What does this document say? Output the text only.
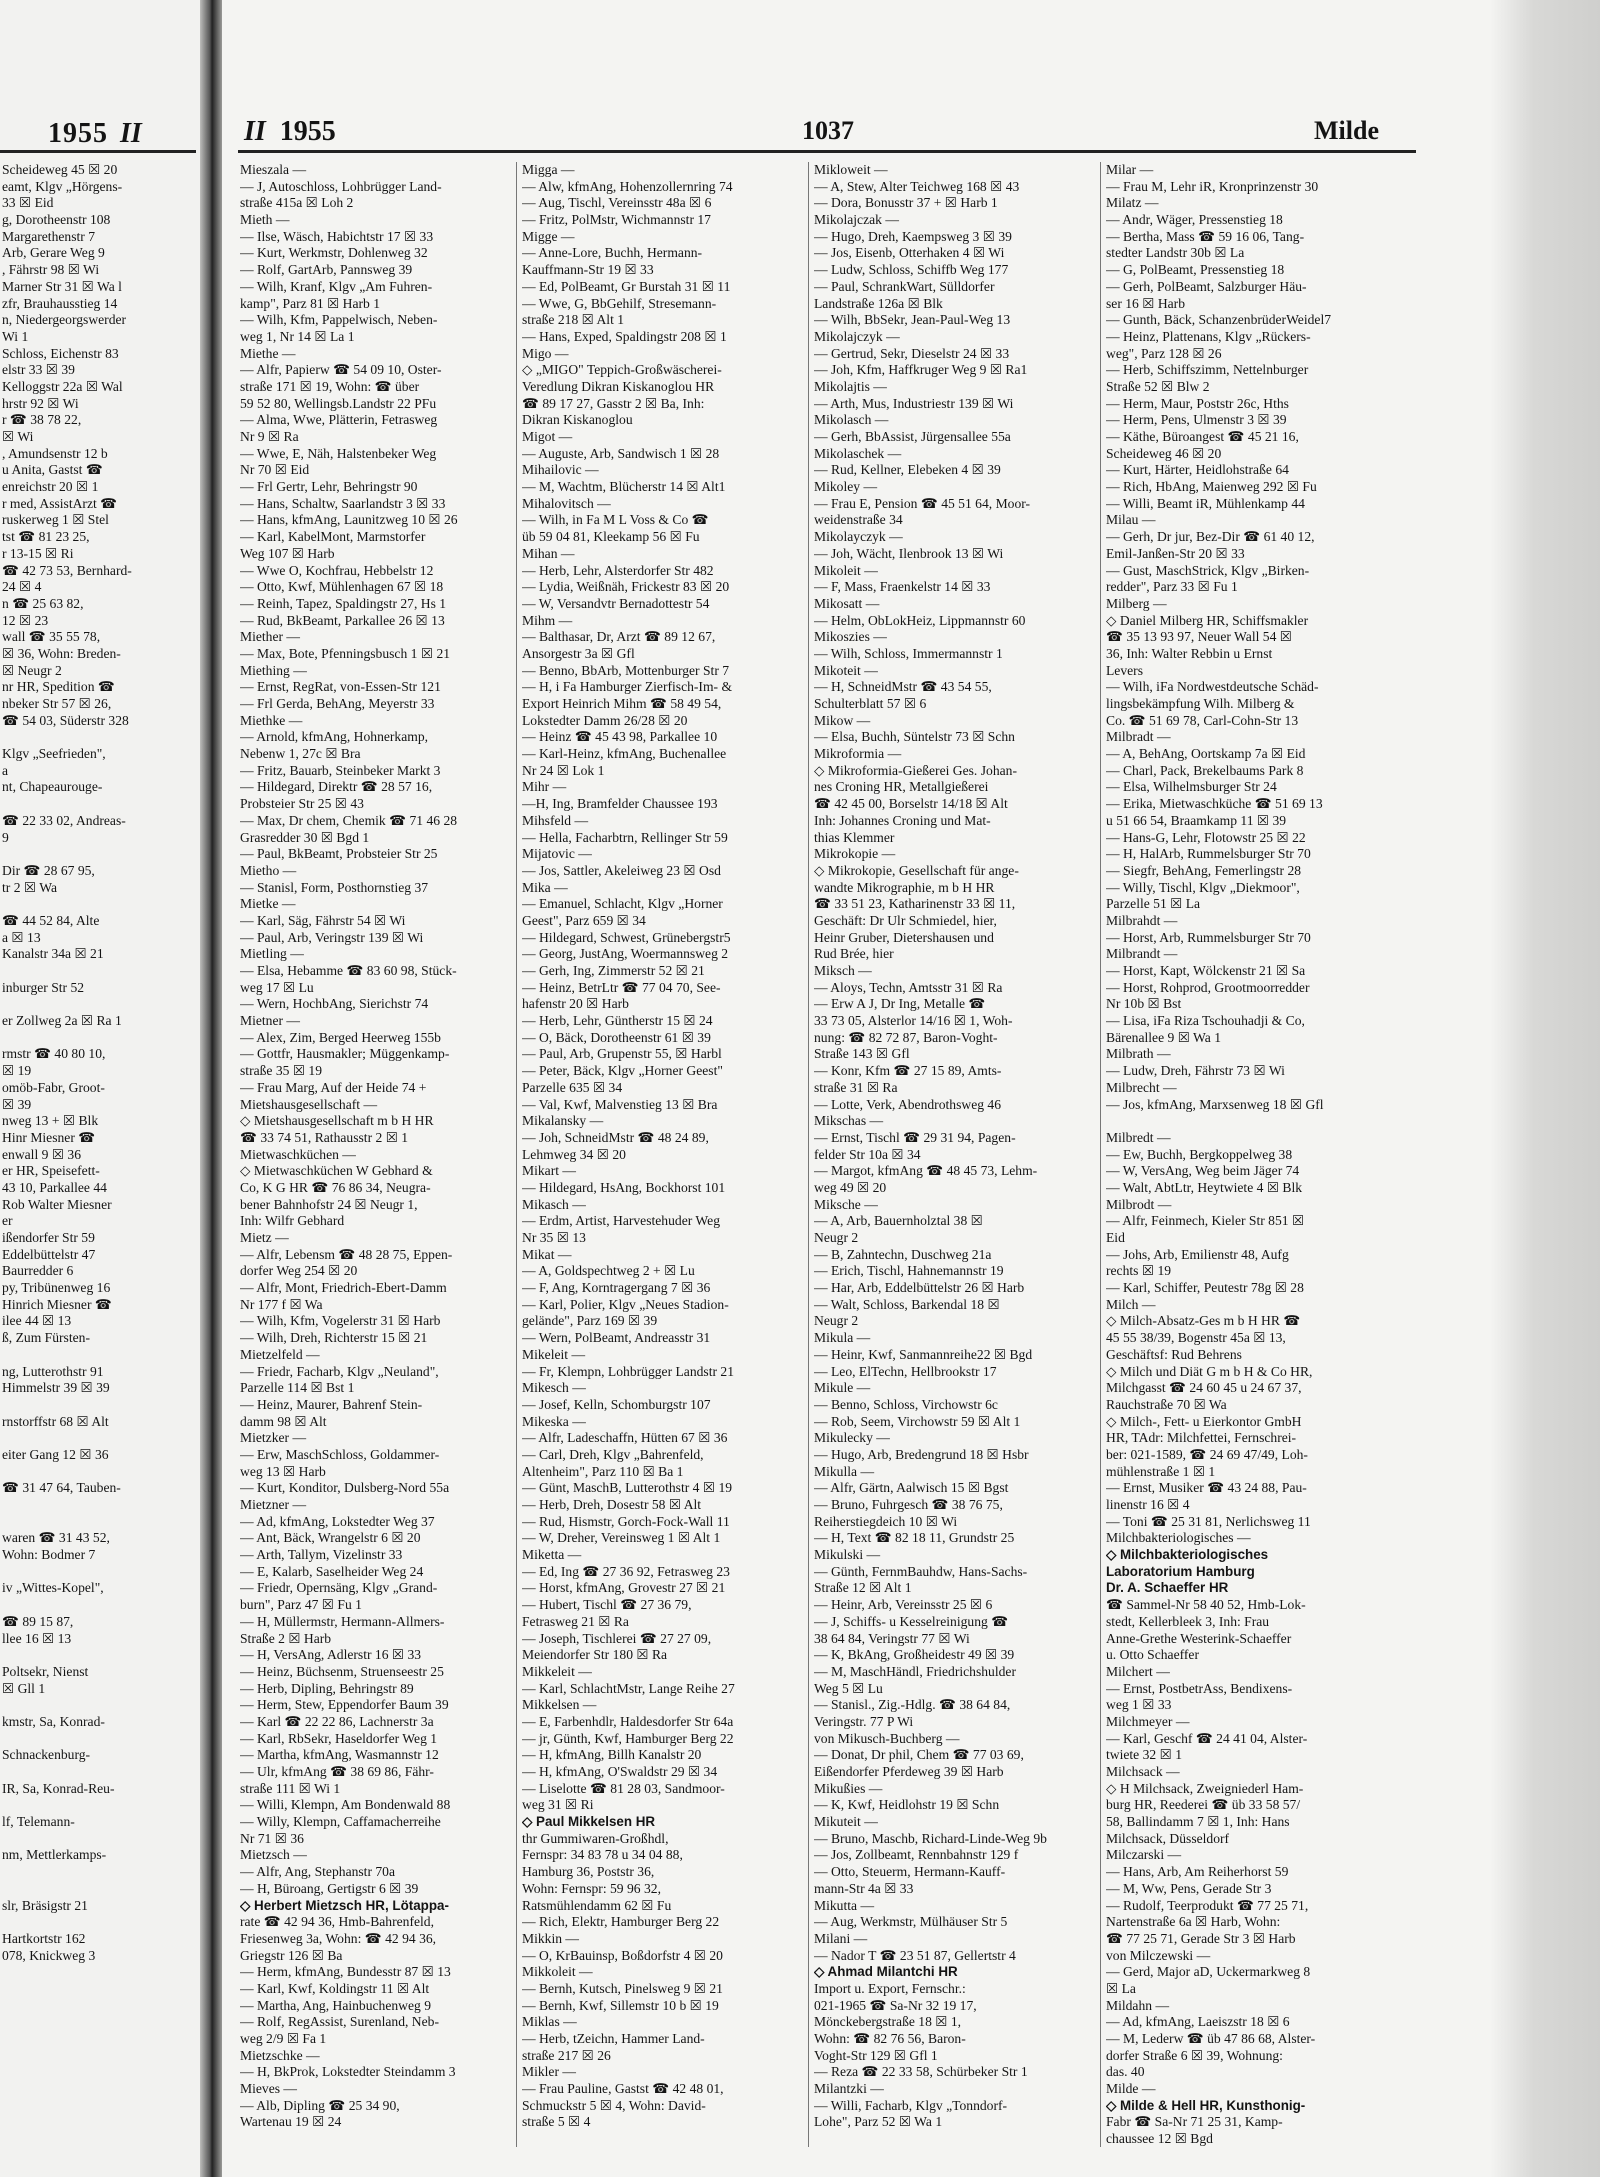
1955 II
Scheideweg 45 ☒ 20
eamt, Klgv „Hörgens-
33 ☒ Eid
g, Dorotheenstr 108
Margarethenstr 7
Arb, Gerare Weg 9
, Fährstr 98 ☒ Wi
Marner Str 31 ☒ Wa l
zfr, Brauhausstieg 14
n, Niedergeorgswerder
Wi 1
Schloss, Eichenstr 83
elstr 33 ☒ 39
Kelloggstr 22a ☒ Wal
hrstr 92 ☒ Wi
r ☎ 38 78 22,
☒ Wi
, Amundsenstr 12 b
u Anita, Gastst ☎
enreichstr 20 ☒ 1
r med, AssistArzt ☎
ruskerweg 1 ☒ Stel
tst ☎ 81 23 25,
r 13-15 ☒ Ri
☎ 42 73 53, Bernhard-
24 ☒ 4
n ☎ 25 63 82,
12 ☒ 23
wall ☎ 35 55 78,
☒ 36, Wohn: Breden-
☒ Neugr 2
nr HR, Spedition ☎
nbeker Str 57 ☒ 26,
☎ 54 03, Süderstr 328
Klgv „Seefrieden",
a
nt, Chapeaurouge-
☎ 22 33 02, Andreas-
9
Dir ☎ 28 67 95,
tr 2 ☒ Wa
☎ 44 52 84, Alte
a ☒ 13
Kanalstr 34a ☒ 21
inburger Str 52
er Zollweg 2a ☒ Ra 1
rmstr ☎ 40 80 10,
☒ 19
omöb-Fabr, Groot-
☒ 39
nweg 13 + ☒ Blk
Hinr Miesner ☎
enwall 9 ☒ 36
er HR, Speisefett-
43 10, Parkallee 44
Rob Walter Miesner
er
ißendorfer Str 59
Eddelbüttelstr 47
Baurredder 6
py, Tribünenweg 16
Hinrich Miesner ☎
ilee 44 ☒ 13
ß, Zum Fürsten-
ng, Lutterothstr 91
Himmelstr 39 ☒ 39
rnstorffstr 68 ☒ Alt
eiter Gang 12 ☒ 36
☎ 31 47 64, Tauben-
waren ☎ 31 43 52,
Wohn: Bodmer 7
iv „Wittes-Kopel",
☎ 89 15 87,
llee 16 ☒ 13
Poltsekr, Nienst
☒ Gll 1
kmstr, Sa, Konrad-
Schnackenburg-
IR, Sa, Konrad-Reu-
lf, Telemann-
nm, Mettlerkamps-
slr, Bräsigstr 21
Hartkortstr 162
078, Knickweg 3
II 1955	1037	Milde
Mieszala —
— J, Autoschloss, Lohbrügger Land-
straße 415a ☒ Loh 2
Mieth —
— Ilse, Wäsch, Habichtstr 17 ☒ 33
— Kurt, Werkmstr, Dohlenweg 32
— Rolf, GartArb, Pannsweg 39
— Wilh, Kranf, Klgv „Am Fuhren-
kamp", Parz 81 ☒ Harb 1
— Wilh, Kfm, Pappelwisch, Neben-
weg 1, Nr 14 ☒ La 1
Miethe —
— Alfr, Papierw ☎ 54 09 10, Oster-
straße 171 ☒ 19, Wohn: ☎ über
59 52 80, Wellingsb.Landstr 22 PFu
— Alma, Wwe, Plätterin, Fetrasweg
Nr 9 ☒ Ra
— Wwe, E, Näh, Halstenbeker Weg
Nr 70 ☒ Eid
— Frl Gertr, Lehr, Behringstr 90
— Hans, Schaltw, Saarlandstr 3 ☒ 33
— Hans, kfmAng, Launitzweg 10 ☒ 26
— Karl, KabelMont, Marmstorfer
Weg 107 ☒ Harb
— Wwe O, Kochfrau, Hebbelstr 12
— Otto, Kwf, Mühlenhagen 67 ☒ 18
— Reinh, Tapez, Spaldingstr 27, Hs 1
— Rud, BkBeamt, Parkallee 26 ☒ 13
Miether —
— Max, Bote, Pfenningsbusch 1 ☒ 21
Miething —
— Ernst, RegRat, von-Essen-Str 121
— Frl Gerda, BehAng, Meyerstr 33
Miethke —
— Arnold, kfmAng, Hohnerkamp,
Nebenw 1, 27c ☒ Bra
— Fritz, Bauarb, Steinbeker Markt 3
— Hildegard, Direktr ☎ 28 57 16,
Probsteier Str 25 ☒ 43
— Max, Dr chem, Chemik ☎ 71 46 28
Grasredder 30 ☒ Bgd 1
— Paul, BkBeamt, Probsteier Str 25
Mietho —
— Stanisl, Form, Posthornstieg 37
Mietke —
— Karl, Säg, Fährstr 54 ☒ Wi
— Paul, Arb, Veringstr 139 ☒ Wi
Mietling —
— Elsa, Hebamme ☎ 83 60 98, Stück-
weg 17 ☒ Lu
— Wern, HochbAng, Sierichstr 74
Mietner —
— Alex, Zim, Berged Heerweg 155b
— Gottfr, Hausmakler; Müggenkamp-
straße 35 ☒ 19
— Frau Marg, Auf der Heide 74 +
Mietshausgesellschaft —
◇ Mietshausgesellschaft m b H HR
☎ 33 74 51, Rathausstr 2 ☒ 1
Mietwaschküchen —
◇ Mietwaschküchen W Gebhard &
Co, K G HR ☎ 76 86 34, Neugra-
bener Bahnhofstr 24 ☒ Neugr 1,
Inh: Wilfr Gebhard
Mietz —
— Alfr, Lebensm ☎ 48 28 75, Eppen-
dorfer Weg 254 ☒ 20
— Alfr, Mont, Friedrich-Ebert-Damm
Nr 177 f ☒ Wa
— Wilh, Kfm, Vogelerstr 31 ☒ Harb
— Wilh, Dreh, Richterstr 15 ☒ 21
Mietzelfeld —
— Friedr, Facharb, Klgv „Neuland",
Parzelle 114 ☒ Bst 1
— Heinz, Maurer, Bahrenf Stein-
damm 98 ☒ Alt
Mietzker —
— Erw, MaschSchloss, Goldammer-
weg 13 ☒ Harb
— Kurt, Konditor, Dulsberg-Nord 55a
Mietzner —
— Ad, kfmAng, Lokstedter Weg 37
— Ant, Bäck, Wrangelstr 6 ☒ 20
— Arth, Tallym, Vizelinstr 33
— E, Kalarb, Saselheider Weg 24
— Friedr, Opernsäng, Klgv „Grand-
burn", Parz 47 ☒ Fu 1
— H, Müllermstr, Hermann-Allmers-
Straße 2 ☒ Harb
— H, VersAng, Adlerstr 16 ☒ 33
— Heinz, Büchsenm, Struenseestr 25
— Herb, Dipling, Behringstr 89
— Herm, Stew, Eppendorfer Baum 39
— Karl ☎ 22 22 86, Lachnerstr 3a
— Karl, RbSekr, Haseldorfer Weg 1
— Martha, kfmAng, Wasmannstr 12
— Ulr, kfmAng ☎ 38 69 86, Fähr-
straße 111 ☒ Wi 1
— Willi, Klempn, Am Bondenwald 88
— Willy, Klempn, Caffamacherreihe
Nr 71 ☒ 36
Mietzsch —
— Alfr, Ang, Stephanstr 70a
— H, Büroang, Gertigstr 6 ☒ 39
◇ Herbert Mietzsch HR, Lötappa-
rate ☎ 42 94 36, Hmb-Bahrenfeld,
Friesenweg 3a, Wohn: ☎ 42 94 36,
Griegstr 126 ☒ Ba
— Herm, kfmAng, Bundesstr 87 ☒ 13
— Karl, Kwf, Koldingstr 11 ☒ Alt
— Martha, Ang, Hainbuchenweg 9
— Rolf, RegAssist, Surenland, Neb-
weg 2/9 ☒ Fa 1
Mietzschke —
— H, BkProk, Lokstedter Steindamm 3
Mieves —
— Alb, Dipling ☎ 25 34 90,
Wartenau 19 ☒ 24
Migga —
— Alw, kfmAng, Hohenzollernring 74
— Aug, Tischl, Vereinsstr 48a ☒ 6
— Fritz, PolMstr, Wichmannstr 17
Migge —
— Anne-Lore, Buchh, Hermann-
Kauffmann-Str 19 ☒ 33
— Ed, PolBeamt, Gr Burstah 31 ☒ 11
— Wwe, G, BbGehilf, Stresemann-
straße 218 ☒ Alt 1
— Hans, Exped, Spaldingstr 208 ☒ 1
Migo —
◇ „MIGO" Teppich-Großwäscherei-
Veredlung Dikran Kiskanoglou HR
☎ 89 17 27, Gasstr 2 ☒ Ba, Inh:
Dikran Kiskanoglou
Migot —
— Auguste, Arb, Sandwisch 1 ☒ 28
Mihailovic —
— M, Wachtm, Blücherstr 14 ☒ Alt1
Mihalovitsch —
— Wilh, in Fa M L Voss & Co ☎
üb 59 04 81, Kleekamp 56 ☒ Fu
Mihan —
— Herb, Lehr, Alsterdorfer Str 482
— Lydia, Weißnäh, Frickestr 83 ☒ 20
— W, Versandvtr Bernadottestr 54
Mihm —
— Balthasar, Dr, Arzt ☎ 89 12 67,
Ansorgestr 3a ☒ Gfl
— Benno, BbArb, Mottenburger Str 7
— H, i Fa Hamburger Zierfisch-Im- &
Export Heinrich Mihm ☎ 58 49 54,
Lokstedter Damm 26/28 ☒ 20
— Heinz ☎ 45 43 98, Parkallee 10
— Karl-Heinz, kfmAng, Buchenallee
Nr 24 ☒ Lok 1
Mihr —
—H, Ing, Bramfelder Chaussee 193
Mihsfeld —
— Hella, Facharbtrn, Rellinger Str 59
Mijatovic —
— Jos, Sattler, Akeleiweg 23 ☒ Osd
Mika —
— Emanuel, Schlacht, Klgv „Horner
Geest", Parz 659 ☒ 34
— Hildegard, Schwest, Grünebergstr5
— Georg, JustAng, Woermannsweg 2
— Gerh, Ing, Zimmerstr 52 ☒ 21
— Heinz, BetrLtr ☎ 77 04 70, See-
hafenstr 20 ☒ Harb
— Herb, Lehr, Güntherstr 15 ☒ 24
— O, Bäck, Dorotheenstr 61 ☒ 39
— Paul, Arb, Grupenstr 55, ☒ Harbl
— Peter, Bäck, Klgv „Horner Geest"
Parzelle 635 ☒ 34
— Val, Kwf, Malvenstieg 13 ☒ Bra
Mikalansky —
— Joh, SchneidMstr ☎ 48 24 89,
Lehmweg 34 ☒ 20
Mikart —
— Hildegard, HsAng, Bockhorst 101
Mikasch —
— Erdm, Artist, Harvestehuder Weg
Nr 35 ☒ 13
Mikat —
— A, Goldspechtweg 2 + ☒ Lu
— F, Ang, Korntragergang 7 ☒ 36
— Karl, Polier, Klgv „Neues Stadion-
gelände", Parz 169 ☒ 39
— Wern, PolBeamt, Andreasstr 31
Mikeleit —
— Fr, Klempn, Lohbrügger Landstr 21
Mikesch —
— Josef, Kelln, Schomburgstr 107
Mikeska —
— Alfr, Ladeschaffn, Hütten 67 ☒ 36
— Carl, Dreh, Klgv „Bahrenfeld,
Altenheim", Parz 110 ☒ Ba 1
— Günt, MaschB, Lutterothstr 4 ☒ 19
— Herb, Dreh, Dosestr 58 ☒ Alt
— Rud, Hismstr, Gorch-Fock-Wall 11
— W, Dreher, Vereinsweg 1 ☒ Alt 1
Miketta —
— Ed, Ing ☎ 27 36 92, Fetrasweg 23
— Horst, kfmAng, Grovestr 27 ☒ 21
— Hubert, Tischl ☎ 27 36 79,
Fetrasweg 21 ☒ Ra
— Joseph, Tischlerei ☎ 27 27 09,
Meiendorfer Str 180 ☒ Ra
Mikkeleit —
— Karl, SchlachtMstr, Lange Reihe 27
Mikkelsen —
— E, Farbenhdlr, Haldesdorfer Str 64a
— jr, Günth, Kwf, Hamburger Berg 22
— H, kfmAng, Billh Kanalstr 20
— H, kfmAng, O'Swaldstr 29 ☒ 34
— Liselotte ☎ 81 28 03, Sandmoor-
weg 31 ☒ Ri
◇ Paul Mikkelsen HR
thr Gummiwaren-Großhdl,
Fernspr: 34 83 78 u 34 04 88,
Hamburg 36, Poststr 36,
Wohn: Fernspr: 59 96 32,
Ratsmühlendamm 62 ☒ Fu
— Rich, Elektr, Hamburger Berg 22
Mikkin —
— O, KrBauinsp, Boßdorfstr 4 ☒ 20
Mikkoleit —
— Bernh, Kutsch, Pinelsweg 9 ☒ 21
— Bernh, Kwf, Sillemstr 10 b ☒ 19
Miklas —
— Herb, tZeichn, Hammer Land-
straße 217 ☒ 26
Mikler —
— Frau Pauline, Gastst ☎ 42 48 01,
Schmuckstr 5 ☒ 4, Wohn: David-
straße 5 ☒ 4
Mikloweit —
— A, Stew, Alter Teichweg 168 ☒ 43
— Dora, Bonusstr 37 + ☒ Harb 1
Mikolajczak —
— Hugo, Dreh, Kaempsweg 3 ☒ 39
— Jos, Eisenb, Otterhaken 4 ☒ Wi
— Ludw, Schloss, Schiffb Weg 177
— Paul, SchrankWart, Sülldorfer
Landstraße 126a ☒ Blk
— Wilh, BbSekr, Jean-Paul-Weg 13
Mikolajczyk —
— Gertrud, Sekr, Dieselstr 24 ☒ 33
— Joh, Kfm, Haffkruger Weg 9 ☒ Ra1
Mikolajtis —
— Arth, Mus, Industriestr 139 ☒ Wi
Mikolasch —
— Gerh, BbAssist, Jürgensallee 55a
Mikolaschek —
— Rud, Kellner, Elebeken 4 ☒ 39
Mikoley —
— Frau E, Pension ☎ 45 51 64, Moor-
weidenstraße 34
Mikolayczyk —
— Joh, Wächt, Ilenbrook 13 ☒ Wi
Mikoleit —
— F, Mass, Fraenkelstr 14 ☒ 33
Mikosatt —
— Helm, ObLokHeiz, Lippmannstr 60
Mikoszies —
— Wilh, Schloss, Immermannstr 1
Mikoteit —
— H, SchneidMstr ☎ 43 54 55,
Schulterblatt 57 ☒ 6
Mikow —
— Elsa, Buchh, Süntelstr 73 ☒ Schn
Mikroformia —
◇ Mikroformia-Gießerei Ges. Johan-
nes Croning HR, Metallgießerei
☎ 42 45 00, Borselstr 14/18 ☒ Alt
Inh: Johannes Croning und Mat-
thias Klemmer
Mikrokopie —
◇ Mikrokopie, Gesellschaft für ange-
wandte Mikrographie, m b H HR
☎ 33 51 23, Katharinenstr 33 ☒ 11,
Geschäft: Dr Ulr Schmiedel, hier,
Heinr Gruber, Dietershausen und
Rud Brée, hier
Miksch —
— Aloys, Techn, Amtsstr 31 ☒ Ra
— Erw A J, Dr Ing, Metalle ☎
33 73 05, Alsterlor 14/16 ☒ 1, Woh-
nung: ☎ 82 72 87, Baron-Voght-
Straße 143 ☒ Gfl
— Konr, Kfm ☎ 27 15 89, Amts-
straße 31 ☒ Ra
— Lotte, Verk, Abendrothsweg 46
Mikschas —
— Ernst, Tischl ☎ 29 31 94, Pagen-
felder Str 10a ☒ 34
— Margot, kfmAng ☎ 48 45 73, Lehm-
weg 49 ☒ 20
Miksche —
— A, Arb, Bauernholztal 38 ☒
Neugr 2
— B, Zahntechn, Duschweg 21a
— Erich, Tischl, Hahnemannstr 19
— Har, Arb, Eddelbüttelstr 26 ☒ Harb
— Walt, Schloss, Barkendal 18 ☒
Neugr 2
Mikula —
— Heinr, Kwf, Sanmannreihe22 ☒ Bgd
— Leo, ElTechn, Hellbrookstr 17
Mikule —
— Benno, Schloss, Virchowstr 6c
— Rob, Seem, Virchowstr 59 ☒ Alt 1
Mikulecky —
— Hugo, Arb, Bredengrund 18 ☒ Hsbr
Mikulla —
— Alfr, Gärtn, Aalwisch 15 ☒ Bgst
— Bruno, Fuhrgesch ☎ 38 76 75,
Reiherstiegdeich 10 ☒ Wi
— H, Text ☎ 82 18 11, Grundstr 25
Mikulski —
— Günth, FernmBauhdw, Hans-Sachs-
Straße 12 ☒ Alt 1
— Heinr, Arb, Vereinsstr 25 ☒ 6
— J, Schiffs- u Kesselreinigung ☎
38 64 84, Veringstr 77 ☒ Wi
— K, BkAng, Großheidestr 49 ☒ 39
— M, MaschHändl, Friedrichshulder
Weg 5 ☒ Lu
— Stanisl., Zig.-Hdlg. ☎ 38 64 84,
Veringstr. 77 P Wi
von Mikusch-Buchberg —
— Donat, Dr phil, Chem ☎ 77 03 69,
Eißendorfer Pferdeweg 39 ☒ Harb
Mikußies —
— K, Kwf, Heidlohstr 19 ☒ Schn
Mikuteit —
— Bruno, Maschb, Richard-Linde-Weg 9b
— Jos, Zollbeamt, Rennbahnstr 129 f
— Otto, Steuerm, Hermann-Kauff-
mann-Str 4a ☒ 33
Mikutta —
— Aug, Werkmstr, Mülhäuser Str 5
Milani —
— Nador T ☎ 23 51 87, Gellertstr 4
◇ Ahmad Milantchi HR
Import u. Export, Fernschr.:
021-1965 ☎ Sa-Nr 32 19 17,
Mönckebergstraße 18 ☒ 1,
Wohn: ☎ 82 76 56, Baron-
Voght-Str 129 ☒ Gfl 1
— Reza ☎ 22 33 58, Schürbeker Str 1
Milantzki —
— Willi, Facharb, Klgv „Tonndorf-
Lohe", Parz 52 ☒ Wa 1
Milar —
— Frau M, Lehr iR, Kronprinzenstr 30
Milatz —
— Andr, Wäger, Pressenstieg 18
— Bertha, Mass ☎ 59 16 06, Tang-
stedter Landstr 30b ☒ La
— G, PolBeamt, Pressenstieg 18
— Gerh, PolBeamt, Salzburger Häu-
ser 16 ☒ Harb
— Gunth, Bäck, SchanzenbrüderWeidel7
— Heinz, Plattenans, Klgv „Rückers-
weg", Parz 128 ☒ 26
— Herb, Schiffszimm, Nettelnburger
Straße 52 ☒ Blw 2
— Herm, Maur, Poststr 26c, Hths
— Herm, Pens, Ulmenstr 3 ☒ 39
— Käthe, Büroangest ☎ 45 21 16,
Scheideweg 46 ☒ 20
— Kurt, Härter, Heidlohstraße 64
— Rich, HbAng, Maienweg 292 ☒ Fu
— Willi, Beamt iR, Mühlenkamp 44
Milau —
— Gerh, Dr jur, Bez-Dir ☎ 61 40 12,
Emil-Janßen-Str 20 ☒ 33
— Gust, MaschStrick, Klgv „Birken-
redder", Parz 33 ☒ Fu 1
Milberg —
◇ Daniel Milberg HR, Schiffsmakler
☎ 35 13 93 97, Neuer Wall 54 ☒
36, Inh: Walter Rebbin u Ernst
Levers
— Wilh, iFa Nordwestdeutsche Schäd-
lingsbekämpfung Wilh. Milberg &
Co. ☎ 51 69 78, Carl-Cohn-Str 13
Milbradt —
— A, BehAng, Oortskamp 7a ☒ Eid
— Charl, Pack, Brekelbaums Park 8
— Elsa, Wilhelmsburger Str 24
— Erika, Mietwaschküche ☎ 51 69 13
u 51 66 54, Braamkamp 11 ☒ 39
— Hans-G, Lehr, Flotowstr 25 ☒ 22
— H, HalArb, Rummelsburger Str 70
— Siegfr, BehAng, Femerlingstr 28
— Willy, Tischl, Klgv „Diekmoor",
Parzelle 51 ☒ La
Milbrahdt —
— Horst, Arb, Rummelsburger Str 70
Milbrandt —
— Horst, Kapt, Wölckenstr 21 ☒ Sa
— Horst, Rohprod, Grootmoorredder
Nr 10b ☒ Bst
— Lisa, iFa Riza Tschouhadji & Co,
Bärenallee 9 ☒ Wa 1
Milbrath —
— Ludw, Dreh, Fährstr 73 ☒ Wi
Milbrecht —
— Jos, kfmAng, Marxsenweg 18 ☒ Gfl
Milbredt —
— Ew, Buchh, Bergkoppelweg 38
— W, VersAng, Weg beim Jäger 74
— Walt, AbtLtr, Heytwiete 4 ☒ Blk
Milbrodt —
— Alfr, Feinmech, Kieler Str 851 ☒
Eid
— Johs, Arb, Emilienstr 48, Aufg
rechts ☒ 19
— Karl, Schiffer, Peutestr 78g ☒ 28
Milch —
◇ Milch-Absatz-Ges m b H HR ☎
45 55 38/39, Bogenstr 45a ☒ 13,
Geschäftsf: Rud Behrens
◇ Milch und Diät G m b H & Co HR,
Milchgasst ☎ 24 60 45 u 24 67 37,
Rauchstraße 70 ☒ Wa
◇ Milch-, Fett- u Eierkontor GmbH
HR, TAdr: Milchfettei, Fernschrei-
ber: 021-1589, ☎ 24 69 47/49, Loh-
mühlenstraße 1 ☒ 1
— Ernst, Musiker ☎ 43 24 88, Pau-
linenstr 16 ☒ 4
— Toni ☎ 25 31 81, Nerlichsweg 11
Milchbakteriologisches —
◇ Milchbakteriologisches
Laboratorium Hamburg
Dr. A. Schaeffer HR
☎ Sammel-Nr 58 40 52, Hmb-Lok-
stedt, Kellerbleek 3, Inh: Frau
Anne-Grethe Westerink-Schaeffer
u. Otto Schaeffer
Milchert —
— Ernst, PostbetrAss, Bendixens-
weg 1 ☒ 33
Milchmeyer —
— Karl, Geschf ☎ 24 41 04, Alster-
twiete 32 ☒ 1
Milchsack —
◇ H Milchsack, Zweigniederl Ham-
burg HR, Reederei ☎ üb 33 58 57/
58, Ballindamm 7 ☒ 1, Inh: Hans
Milchsack, Düsseldorf
Milczarski —
— Hans, Arb, Am Reiherhorst 59
— M, Ww, Pens, Gerade Str 3
— Rudolf, Teerprodukt ☎ 77 25 71,
Nartenstraße 6a ☒ Harb, Wohn:
☎ 77 25 71, Gerade Str 3 ☒ Harb
von Milczewski —
— Gerd, Major aD, Uckermarkweg 8
☒ La
Mildahn —
— Ad, kfmAng, Laeiszstr 18 ☒ 6
— M, Lederw ☎ üb 47 86 68, Alster-
dorfer Straße 6 ☒ 39, Wohnung:
das. 40
Milde —
◇ Milde & Hell HR, Kunsthonig-
Fabr ☎ Sa-Nr 71 25 31, Kamp-
chaussee 12 ☒ Bgd
